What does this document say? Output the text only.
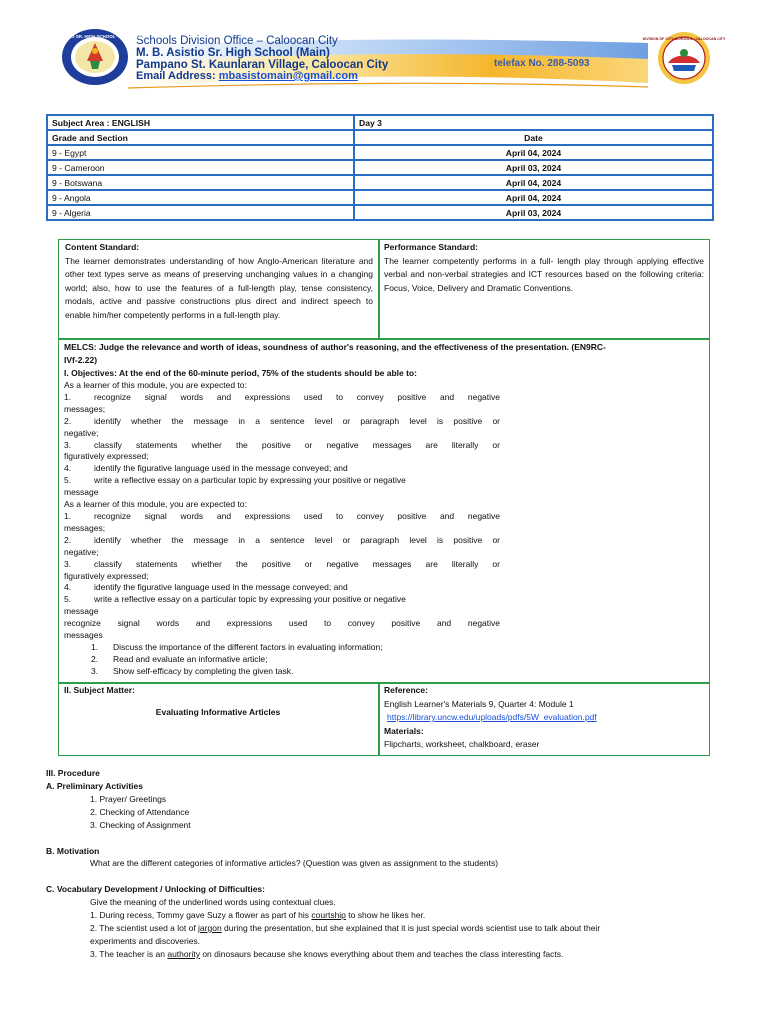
Schools Division Office – Caloocan City
M. B. Asistio Sr. High School (Main)
Pampano St. Kaunlaran Village, Caloocan City
Email Address: mbasistomain@gmail.com
telefax No. 288-5093
M. B. ASISTIO SR. HIGH SCHOOL · CALOOCAN	DIVISION OF CITY SCHOOLS · CALOOCAN CITY
Subject Area : ENGLISH	Day 3
Grade and Section	Date
9 - Egypt	April 04, 2024
9 - Cameroon	April 03, 2024
9 - Botswana	April 04, 2024
9 - Angola	April 04, 2024
9 - Algeria	April 03, 2024
Content Standard:
The learner demonstrates understanding of how Anglo-American literature and other text types serve as means of preserving unchanging values in a changing world; also, how to use the features of a full-length play, tense consistency, modals, active and passive constructions plus direct and indirect speech to enable him/her competently performs in a full-length play.
Performance Standard:
The learner competently performs in a full- length play through applying effective verbal and non-verbal strategies and ICT resources based on the following criteria: Focus, Voice, Delivery and Dramatic Conventions.
MELCS: Judge the relevance and worth of ideas, soundness of author's reasoning, and the effectiveness of the presentation. (EN9RC-
IVf-2.22)
I. Objectives: At the end of the 60-minute period, 75% of the students should be able to:
As a learner of this module, you are expected to:
1.	recognize signal words and expressions used to convey positive and negative
messages;
2.	identify whether the message in a sentence level or paragraph level is positive or
negative;
3.	classify statements whether the positive or negative messages are literally or
figuratively expressed;
4.	identify the figurative language used in the message conveyed; and
5.	write a reflective essay on a particular topic by expressing your positive or negative
message
As a learner of this module, you are expected to:
1.	recognize signal words and expressions used to convey positive and negative
messages;
2.	identify whether the message in a sentence level or paragraph level is positive or
negative;
3.	classify statements whether the positive or negative messages are literally or
figuratively expressed;
4.	identify the figurative language used in the message conveyed; and
5.	write a reflective essay on a particular topic by expressing your positive or negative
message
recognize signal words and expressions used to convey positive and negative
messages
1. Discuss the importance of the different factors in evaluating information;
2. Read and evaluate an informative article;
3. Show self-efficacy by completing the given task.
II. Subject Matter:
Evaluating Informative Articles
Reference:
English Learner's Materials 9, Quarter 4: Module 1
https://library.uncw.edu/uploads/pdfs/5W_evaluation.pdf
Materials:
Flipcharts, worksheet, chalkboard, eraser
III. Procedure
A. Preliminary Activities
1. Prayer/ Greetings
2. Checking of Attendance
3. Checking of Assignment
B. Motivation
What are the different categories of informative articles? (Question was given as assignment to the students)
C. Vocabulary Development / Unlocking of Difficulties:
Give the meaning of the underlined words using contextual clues.
1. During recess, Tommy gave Suzy a flower as part of his courtship to show he likes her.
2. The scientist used a lot of jargon during the presentation, but she explained that it is just special words scientist use to talk about their
experiments and discoveries.
3. The teacher is an authority on dinosaurs because she knows everything about them and teaches the class interesting facts.
